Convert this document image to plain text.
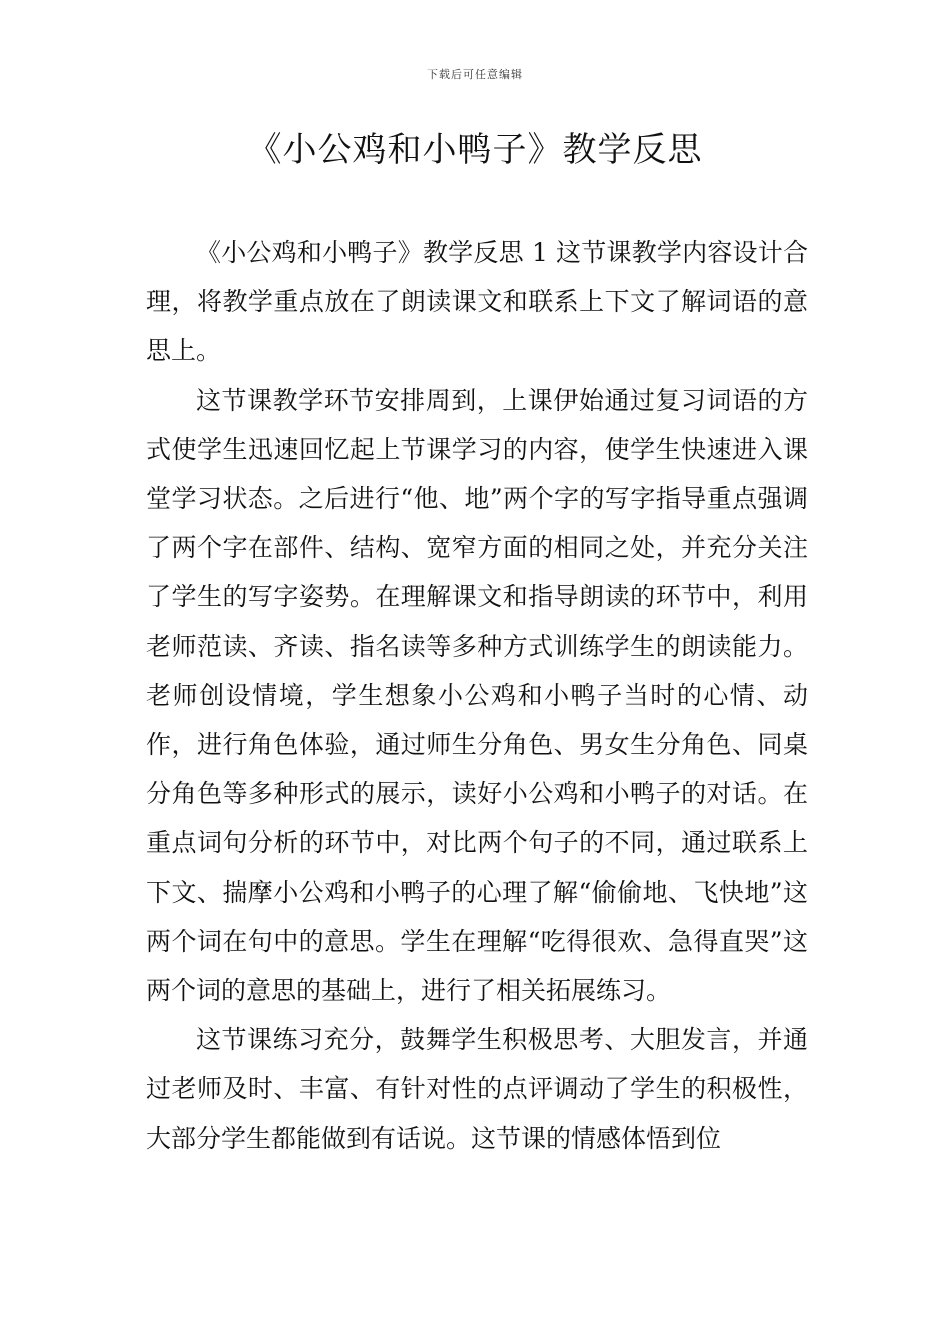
下载后可任意编辑
《小公鸡和小鸭子》教学反思

《小公鸡和小鸭子》教学反思 1 这节课教学内容设计合理，将教学重点放在了朗读课文和联系上下文了解词语的意思上。

这节课教学环节安排周到，上课伊始通过复习词语的方式使学生迅速回忆起上节课学习的内容，使学生快速进入课堂学习状态。之后进行“他、地”两个字的写字指导重点强调了两个字在部件、结构、宽窄方面的相同之处，并充分关注了学生的写字姿势。在理解课文和指导朗读的环节中，利用老师范读、齐读、指名读等多种方式训练学生的朗读能力。老师创设情境，学生想象小公鸡和小鸭子当时的心情、动作，进行角色体验，通过师生分角色、男女生分角色、同桌分角色等多种形式的展示，读好小公鸡和小鸭子的对话。在重点词句分析的环节中，对比两个句子的不同，通过联系上下文、揣摩小公鸡和小鸭子的心理了解“偷偷地、飞快地”这两个词在句中的意思。学生在理解“吃得很欢、急得直哭”这两个词的意思的基础上，进行了相关拓展练习。

这节课练习充分，鼓舞学生积极思考、大胆发言，并通过老师及时、丰富、有针对性的点评调动了学生的积极性，大部分学生都能做到有话说。这节课的情感体悟到位
